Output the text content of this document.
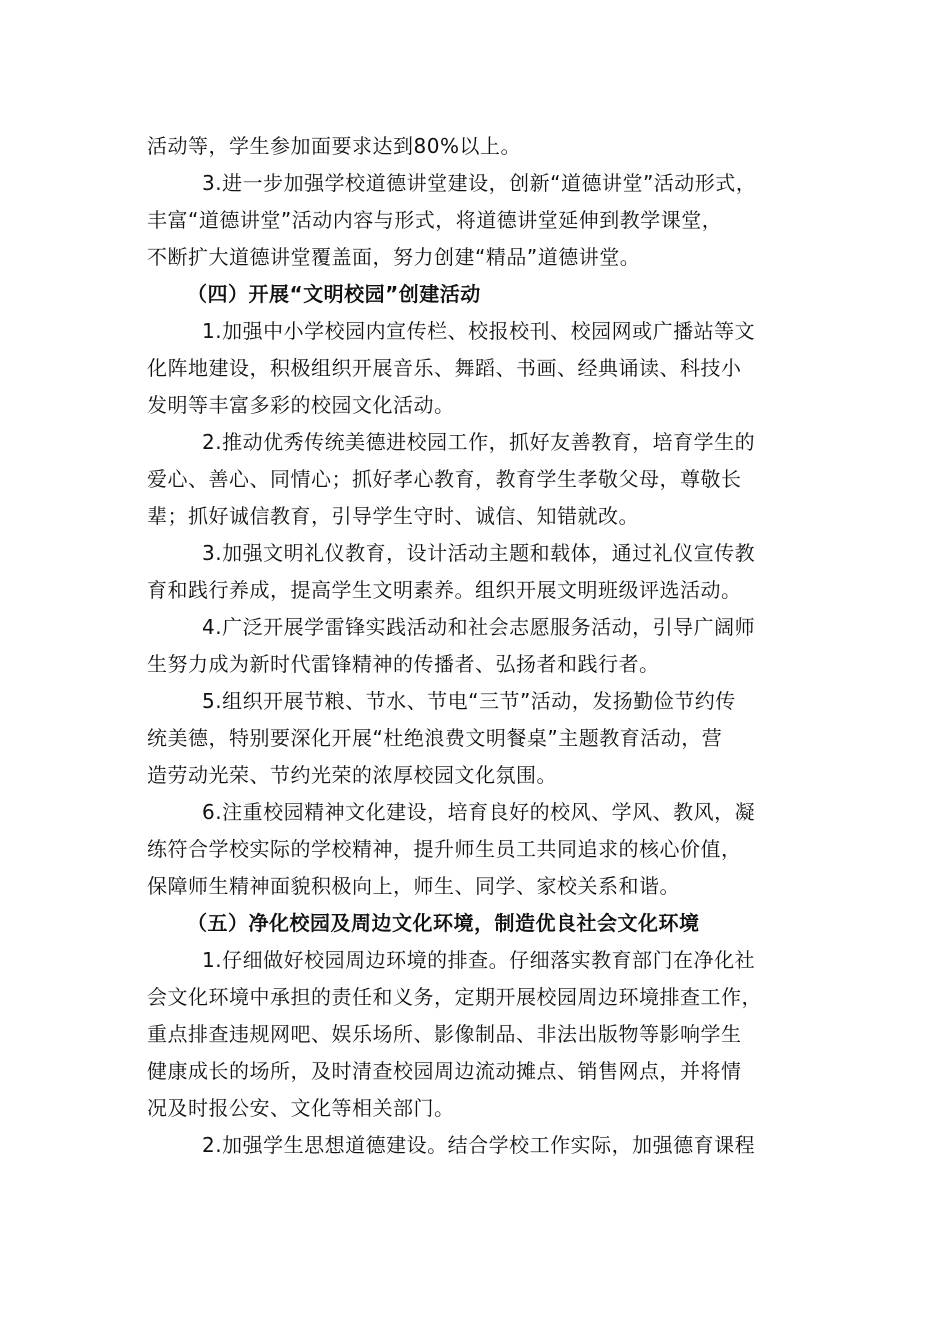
活动等，学生参加面要求达到80%以上。
3.进一步加强学校道德讲堂建设，创新“道德讲堂”活动形式，
丰富“道德讲堂”活动内容与形式，将道德讲堂延伸到教学课堂，
不断扩大道德讲堂覆盖面，努力创建“精品”道德讲堂。
（四）开展“文明校园”创建活动
1.加强中小学校园内宣传栏、校报校刊、校园网或广播站等文
化阵地建设，积极组织开展音乐、舞蹈、书画、经典诵读、科技小
发明等丰富多彩的校园文化活动。
2.推动优秀传统美德进校园工作，抓好友善教育，培育学生的
爱心、善心、同情心；抓好孝心教育，教育学生孝敬父母，尊敬长
辈；抓好诚信教育，引导学生守时、诚信、知错就改。
3.加强文明礼仪教育，设计活动主题和载体，通过礼仪宣传教
育和践行养成，提高学生文明素养。组织开展文明班级评选活动。
4.广泛开展学雷锋实践活动和社会志愿服务活动，引导广阔师
生努力成为新时代雷锋精神的传播者、弘扬者和践行者。
5.组织开展节粮、节水、节电“三节”活动，发扬勤俭节约传
统美德，特别要深化开展“杜绝浪费文明餐桌”主题教育活动，营
造劳动光荣、节约光荣的浓厚校园文化氛围。
6.注重校园精神文化建设，培育良好的校风、学风、教风，凝
练符合学校实际的学校精神，提升师生员工共同追求的核心价值，
保障师生精神面貌积极向上，师生、同学、家校关系和谐。
（五）净化校园及周边文化环境，制造优良社会文化环境
1.仔细做好校园周边环境的排查。仔细落实教育部门在净化社
会文化环境中承担的责任和义务，定期开展校园周边环境排查工作，
重点排查违规网吧、娱乐场所、影像制品、非法出版物等影响学生
健康成长的场所，及时清查校园周边流动摊点、销售网点，并将情
况及时报公安、文化等相关部门。
2.加强学生思想道德建设。结合学校工作实际，加强德育课程
